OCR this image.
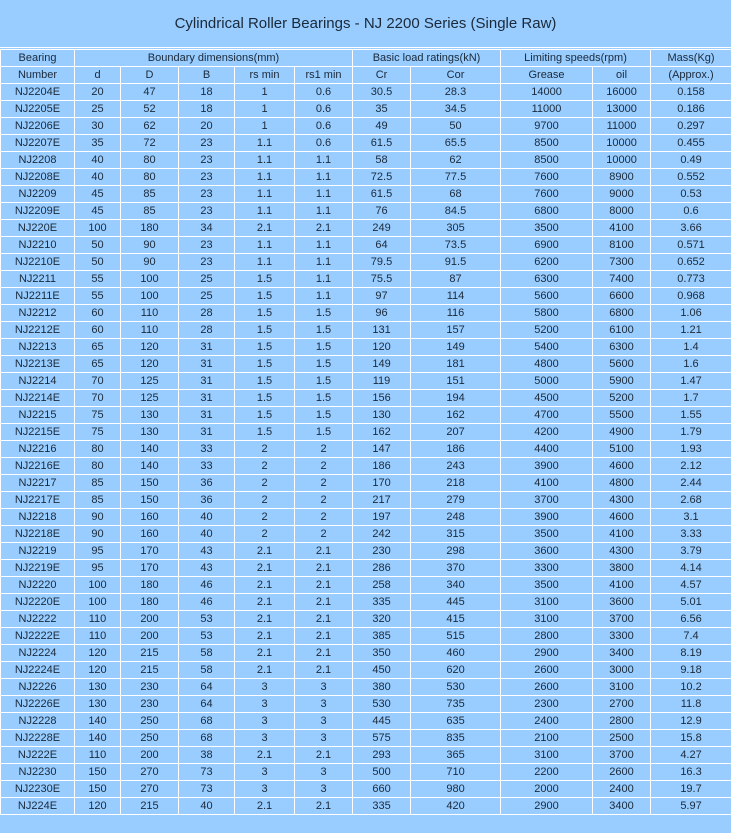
Cylindrical Roller Bearings - NJ 2200 Series (Single Raw)
Bearing	Boundary dimensions(mm)					Basic load ratings(kN)		Limiting speeds(rpm)		Mass(Kg)
Number	d	D	B	rs min	rs1 min	Cr	Cor	Grease	oil	(Approx.)
NJ2204E	20	47	18	1	0.6	30.5	28.3	14000	16000	0.158
NJ2205E	25	52	18	1	0.6	35	34.5	11000	13000	0.186
NJ2206E	30	62	20	1	0.6	49	50	9700	11000	0.297
NJ2207E	35	72	23	1.1	0.6	61.5	65.5	8500	10000	0.455
NJ2208	40	80	23	1.1	1.1	58	62	8500	10000	0.49
NJ2208E	40	80	23	1.1	1.1	72.5	77.5	7600	8900	0.552
NJ2209	45	85	23	1.1	1.1	61.5	68	7600	9000	0.53
NJ2209E	45	85	23	1.1	1.1	76	84.5	6800	8000	0.6
NJ220E	100	180	34	2.1	2.1	249	305	3500	4100	3.66
NJ2210	50	90	23	1.1	1.1	64	73.5	6900	8100	0.571
NJ2210E	50	90	23	1.1	1.1	79.5	91.5	6200	7300	0.652
NJ2211	55	100	25	1.5	1.1	75.5	87	6300	7400	0.773
NJ2211E	55	100	25	1.5	1.1	97	114	5600	6600	0.968
NJ2212	60	110	28	1.5	1.5	96	116	5800	6800	1.06
NJ2212E	60	110	28	1.5	1.5	131	157	5200	6100	1.21
NJ2213	65	120	31	1.5	1.5	120	149	5400	6300	1.4
NJ2213E	65	120	31	1.5	1.5	149	181	4800	5600	1.6
NJ2214	70	125	31	1.5	1.5	119	151	5000	5900	1.47
NJ2214E	70	125	31	1.5	1.5	156	194	4500	5200	1.7
NJ2215	75	130	31	1.5	1.5	130	162	4700	5500	1.55
NJ2215E	75	130	31	1.5	1.5	162	207	4200	4900	1.79
NJ2216	80	140	33	2	2	147	186	4400	5100	1.93
NJ2216E	80	140	33	2	2	186	243	3900	4600	2.12
NJ2217	85	150	36	2	2	170	218	4100	4800	2.44
NJ2217E	85	150	36	2	2	217	279	3700	4300	2.68
NJ2218	90	160	40	2	2	197	248	3900	4600	3.1
NJ2218E	90	160	40	2	2	242	315	3500	4100	3.33
NJ2219	95	170	43	2.1	2.1	230	298	3600	4300	3.79
NJ2219E	95	170	43	2.1	2.1	286	370	3300	3800	4.14
NJ2220	100	180	46	2.1	2.1	258	340	3500	4100	4.57
NJ2220E	100	180	46	2.1	2.1	335	445	3100	3600	5.01
NJ2222	110	200	53	2.1	2.1	320	415	3100	3700	6.56
NJ2222E	110	200	53	2.1	2.1	385	515	2800	3300	7.4
NJ2224	120	215	58	2.1	2.1	350	460	2900	3400	8.19
NJ2224E	120	215	58	2.1	2.1	450	620	2600	3000	9.18
NJ2226	130	230	64	3	3	380	530	2600	3100	10.2
NJ2226E	130	230	64	3	3	530	735	2300	2700	11.8
NJ2228	140	250	68	3	3	445	635	2400	2800	12.9
NJ2228E	140	250	68	3	3	575	835	2100	2500	15.8
NJ222E	110	200	38	2.1	2.1	293	365	3100	3700	4.27
NJ2230	150	270	73	3	3	500	710	2200	2600	16.3
NJ2230E	150	270	73	3	3	660	980	2000	2400	19.7
NJ224E	120	215	40	2.1	2.1	335	420	2900	3400	5.97
